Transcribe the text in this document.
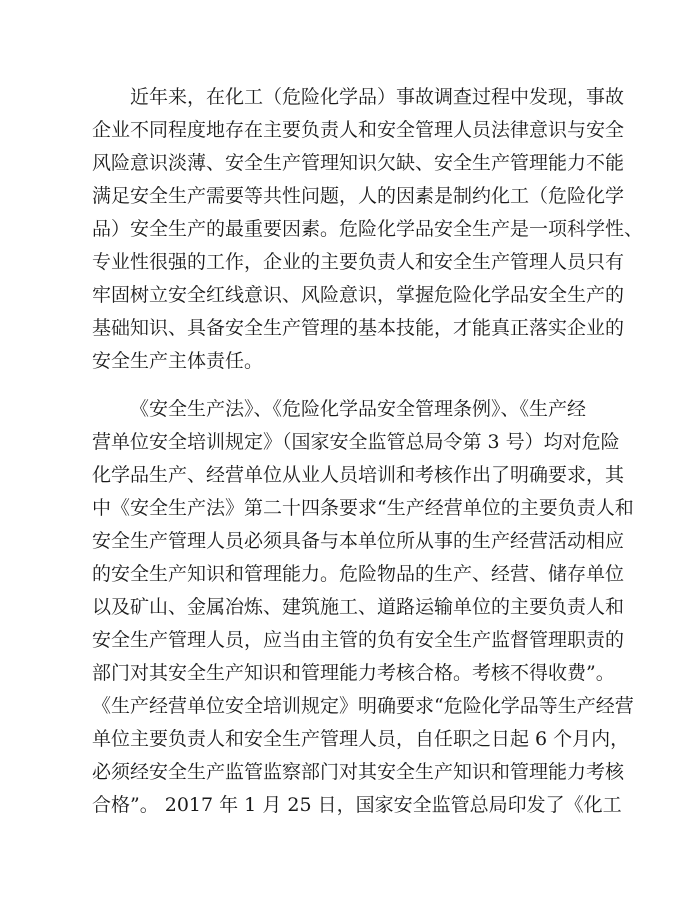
近年来，在化工（危险化学品）事故调查过程中发现，事故
企业不同程度地存在主要负责人和安全管理人员法律意识与安全
风险意识淡薄、安全生产管理知识欠缺、安全生产管理能力不能
满足安全生产需要等共性问题，人的因素是制约化工（危险化学
品）安全生产的最重要因素。危险化学品安全生产是一项科学性、
专业性很强的工作，企业的主要负责人和安全生产管理人员只有
牢固树立安全红线意识、风险意识，掌握危险化学品安全生产的
基础知识、具备安全生产管理的基本技能，才能真正落实企业的
安全生产主体责任。
《安全生产法》、《危险化学品安全管理条例》、《生产经
营单位安全培训规定》（国家安全监管总局令第 3 号）均对危险
化学品生产、经营单位从业人员培训和考核作出了明确要求，其
中《安全生产法》第二十四条要求“生产经营单位的主要负责人和
安全生产管理人员必须具备与本单位所从事的生产经营活动相应
的安全生产知识和管理能力。危险物品的生产、经营、储存单位
以及矿山、金属冶炼、建筑施工、道路运输单位的主要负责人和
安全生产管理人员，应当由主管的负有安全生产监督管理职责的
部门对其安全生产知识和管理能力考核合格。考核不得收费”。
《生产经营单位安全培训规定》明确要求“危险化学品等生产经营
单位主要负责人和安全生产管理人员，自任职之日起 6 个月内，
必须经安全生产监管监察部门对其安全生产知识和管理能力考核
合格”。 2017 年 1 月 25 日，国家安全监管总局印发了《化工
